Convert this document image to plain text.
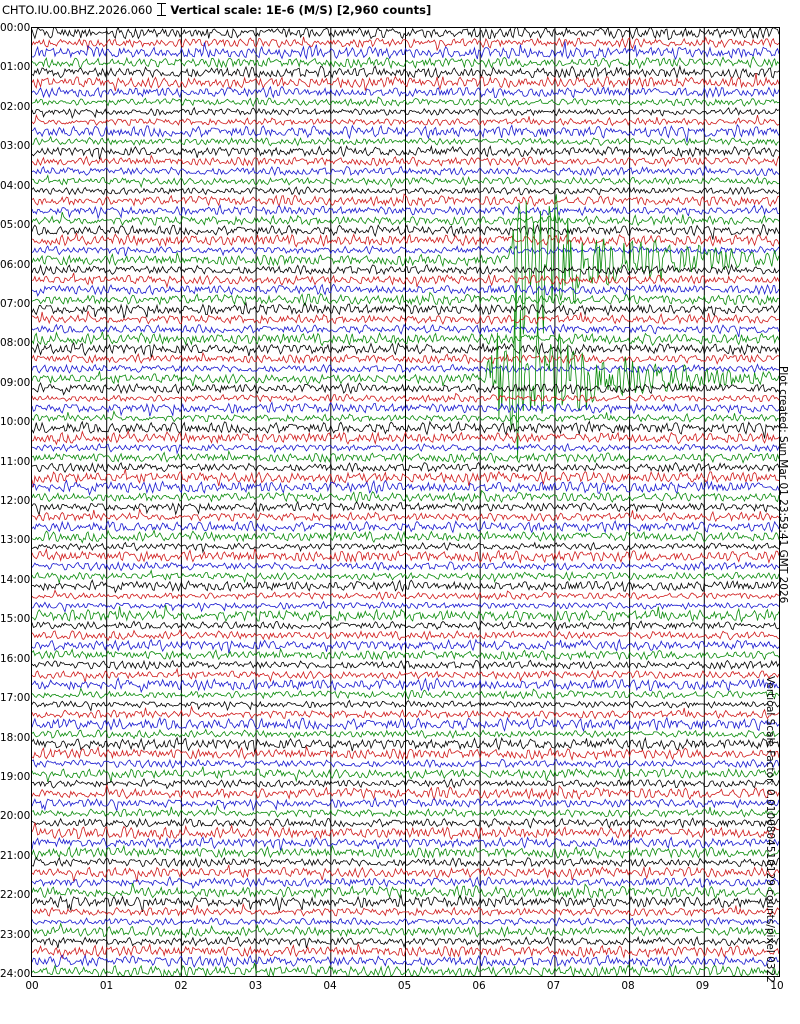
CHTO.IU.00.BHZ.2026.060 Vertical scale: 1E-6 (M/S) [2,960 counts]
00:00
01:00
02:00
03:00
04:00
05:00
06:00
07:00
08:00
09:00
10:00
11:00
12:00
13:00
14:00
15:00
16:00
17:00
18:00
19:00
20:00
21:00
22:00
23:00
24:00
00	01	02	03	04	05	06	07	08	09	10
Plot created: Sun Mar 01 23:59:41 GMT 2026
Vertical Scale Factor: 0.0100804510129 counts/pixel 0322
